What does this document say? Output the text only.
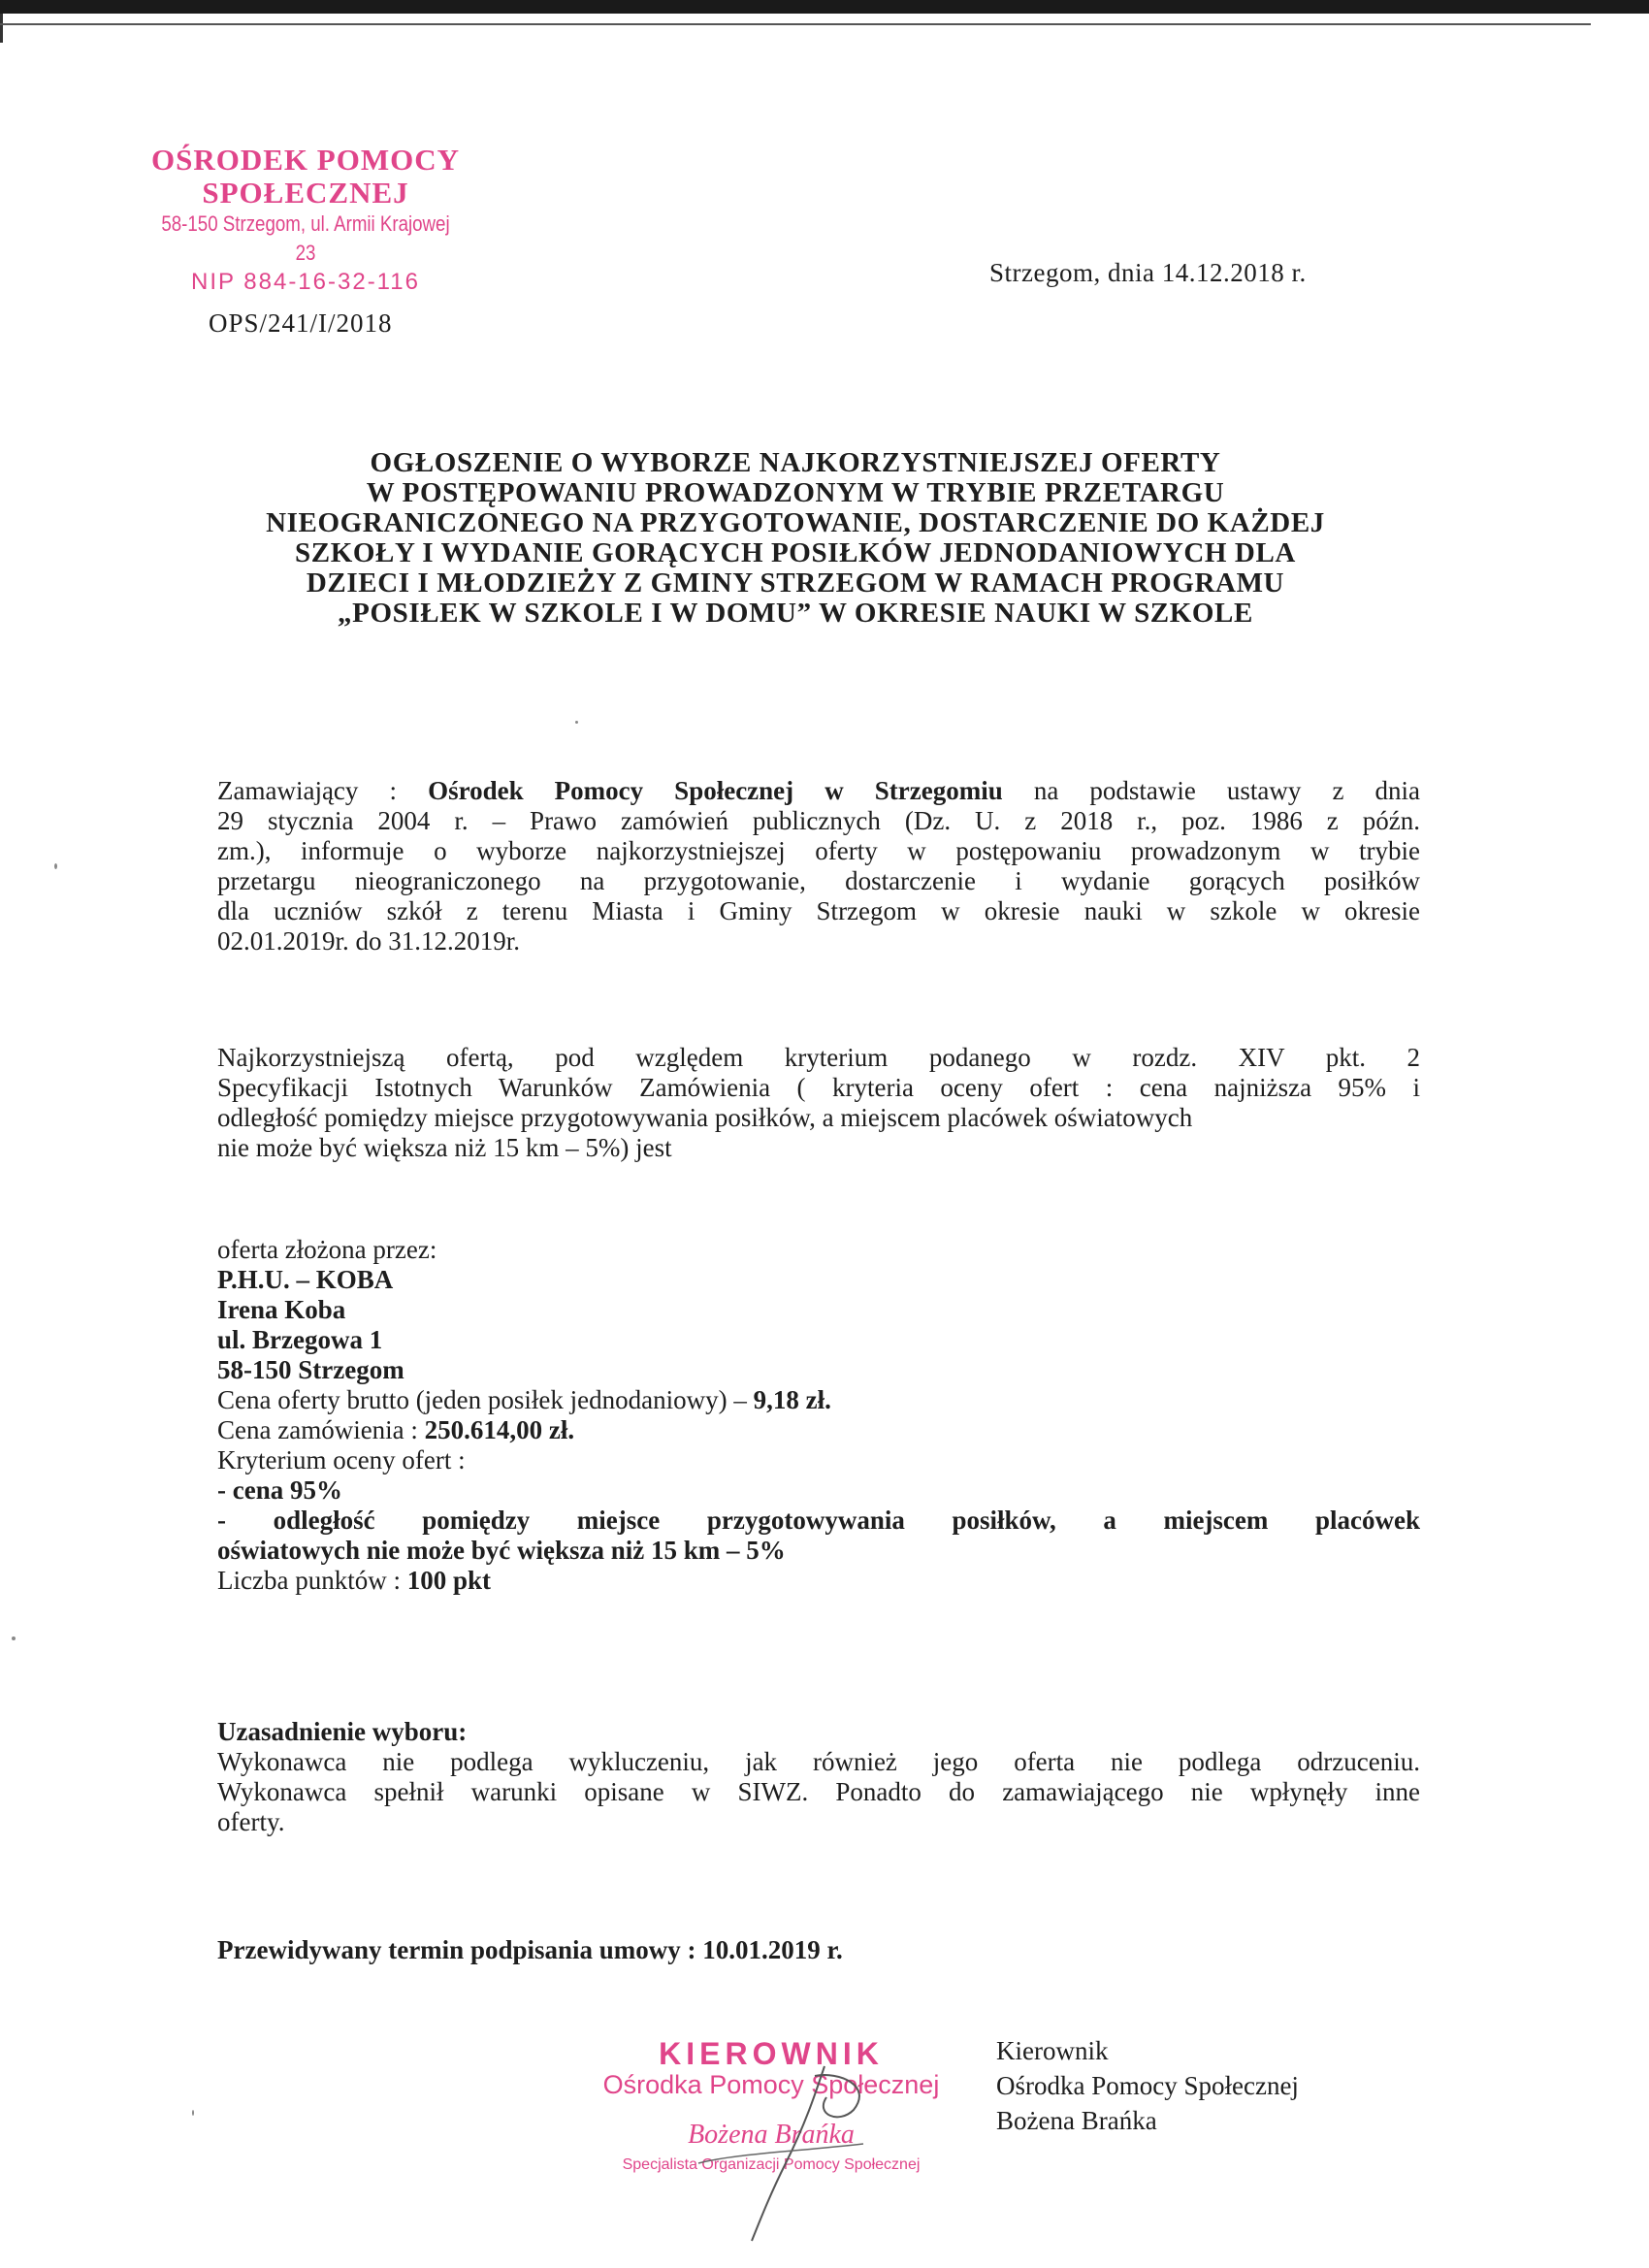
OŚRODEK POMOCY
SPOŁECZNEJ
58-150 Strzegom, ul. Armii Krajowej 23
NIP 884-16-32-116	Strzegom, dnia 14.12.2018 r.
OPS/241/I/2018
OGŁOSZENIE O WYBORZE NAJKORZYSTNIEJSZEJ OFERTY
W POSTĘPOWANIU PROWADZONYM W TRYBIE PRZETARGU
NIEOGRANICZONEGO NA PRZYGOTOWANIE, DOSTARCZENIE DO KAŻDEJ
SZKOŁY I WYDANIE GORĄCYCH POSIŁKÓW JEDNODANIOWYCH DLA
DZIECI I MŁODZIEŻY Z GMINY STRZEGOM W RAMACH PROGRAMU
„POSIŁEK W SZKOLE I W DOMU” W OKRESIE NAUKI W SZKOLE
Zamawiający : Ośrodek Pomocy Społecznej w Strzegomiu na podstawie ustawy z dnia
29 stycznia 2004 r. – Prawo zamówień publicznych (Dz. U. z 2018 r., poz. 1986 z późn.
zm.), informuje o wyborze najkorzystniejszej oferty w postępowaniu prowadzonym w trybie
przetargu nieograniczonego na przygotowanie, dostarczenie i wydanie gorących posiłków
dla uczniów szkół z terenu Miasta i Gminy Strzegom w okresie nauki w szkole w okresie
02.01.2019r. do 31.12.2019r.
Najkorzystniejszą ofertą, pod względem kryterium podanego w rozdz. XIV pkt. 2
Specyfikacji Istotnych Warunków Zamówienia ( kryteria oceny ofert : cena najniższa 95% i
odległość pomiędzy miejsce przygotowywania posiłków, a miejscem placówek oświatowych
nie może być większa niż 15 km – 5%) jest
oferta złożona przez:
P.H.U. – KOBA
Irena Koba
ul. Brzegowa 1
58-150 Strzegom
Cena oferty brutto (jeden posiłek jednodaniowy) – 9,18 zł.
Cena zamówienia : 250.614,00 zł.
Kryterium oceny ofert :
- cena 95%
- odległość pomiędzy miejsce przygotowywania posiłków, a miejscem placówek
oświatowych nie może być większa niż 15 km – 5%
Liczba punktów : 100 pkt
Uzasadnienie wyboru:
Wykonawca nie podlega wykluczeniu, jak również jego oferta nie podlega odrzuceniu.
Wykonawca spełnił warunki opisane w SIWZ. Ponadto do zamawiającego nie wpłynęły inne
oferty.
Przewidywany termin podpisania umowy : 10.01.2019 r.
KIEROWNIK
Ośrodka Pomocy Społecznej
Bożena Brańka
Specjalista Organizacji Pomocy Społecznej
Kierownik
Ośrodka Pomocy Społecznej
Bożena Brańka
